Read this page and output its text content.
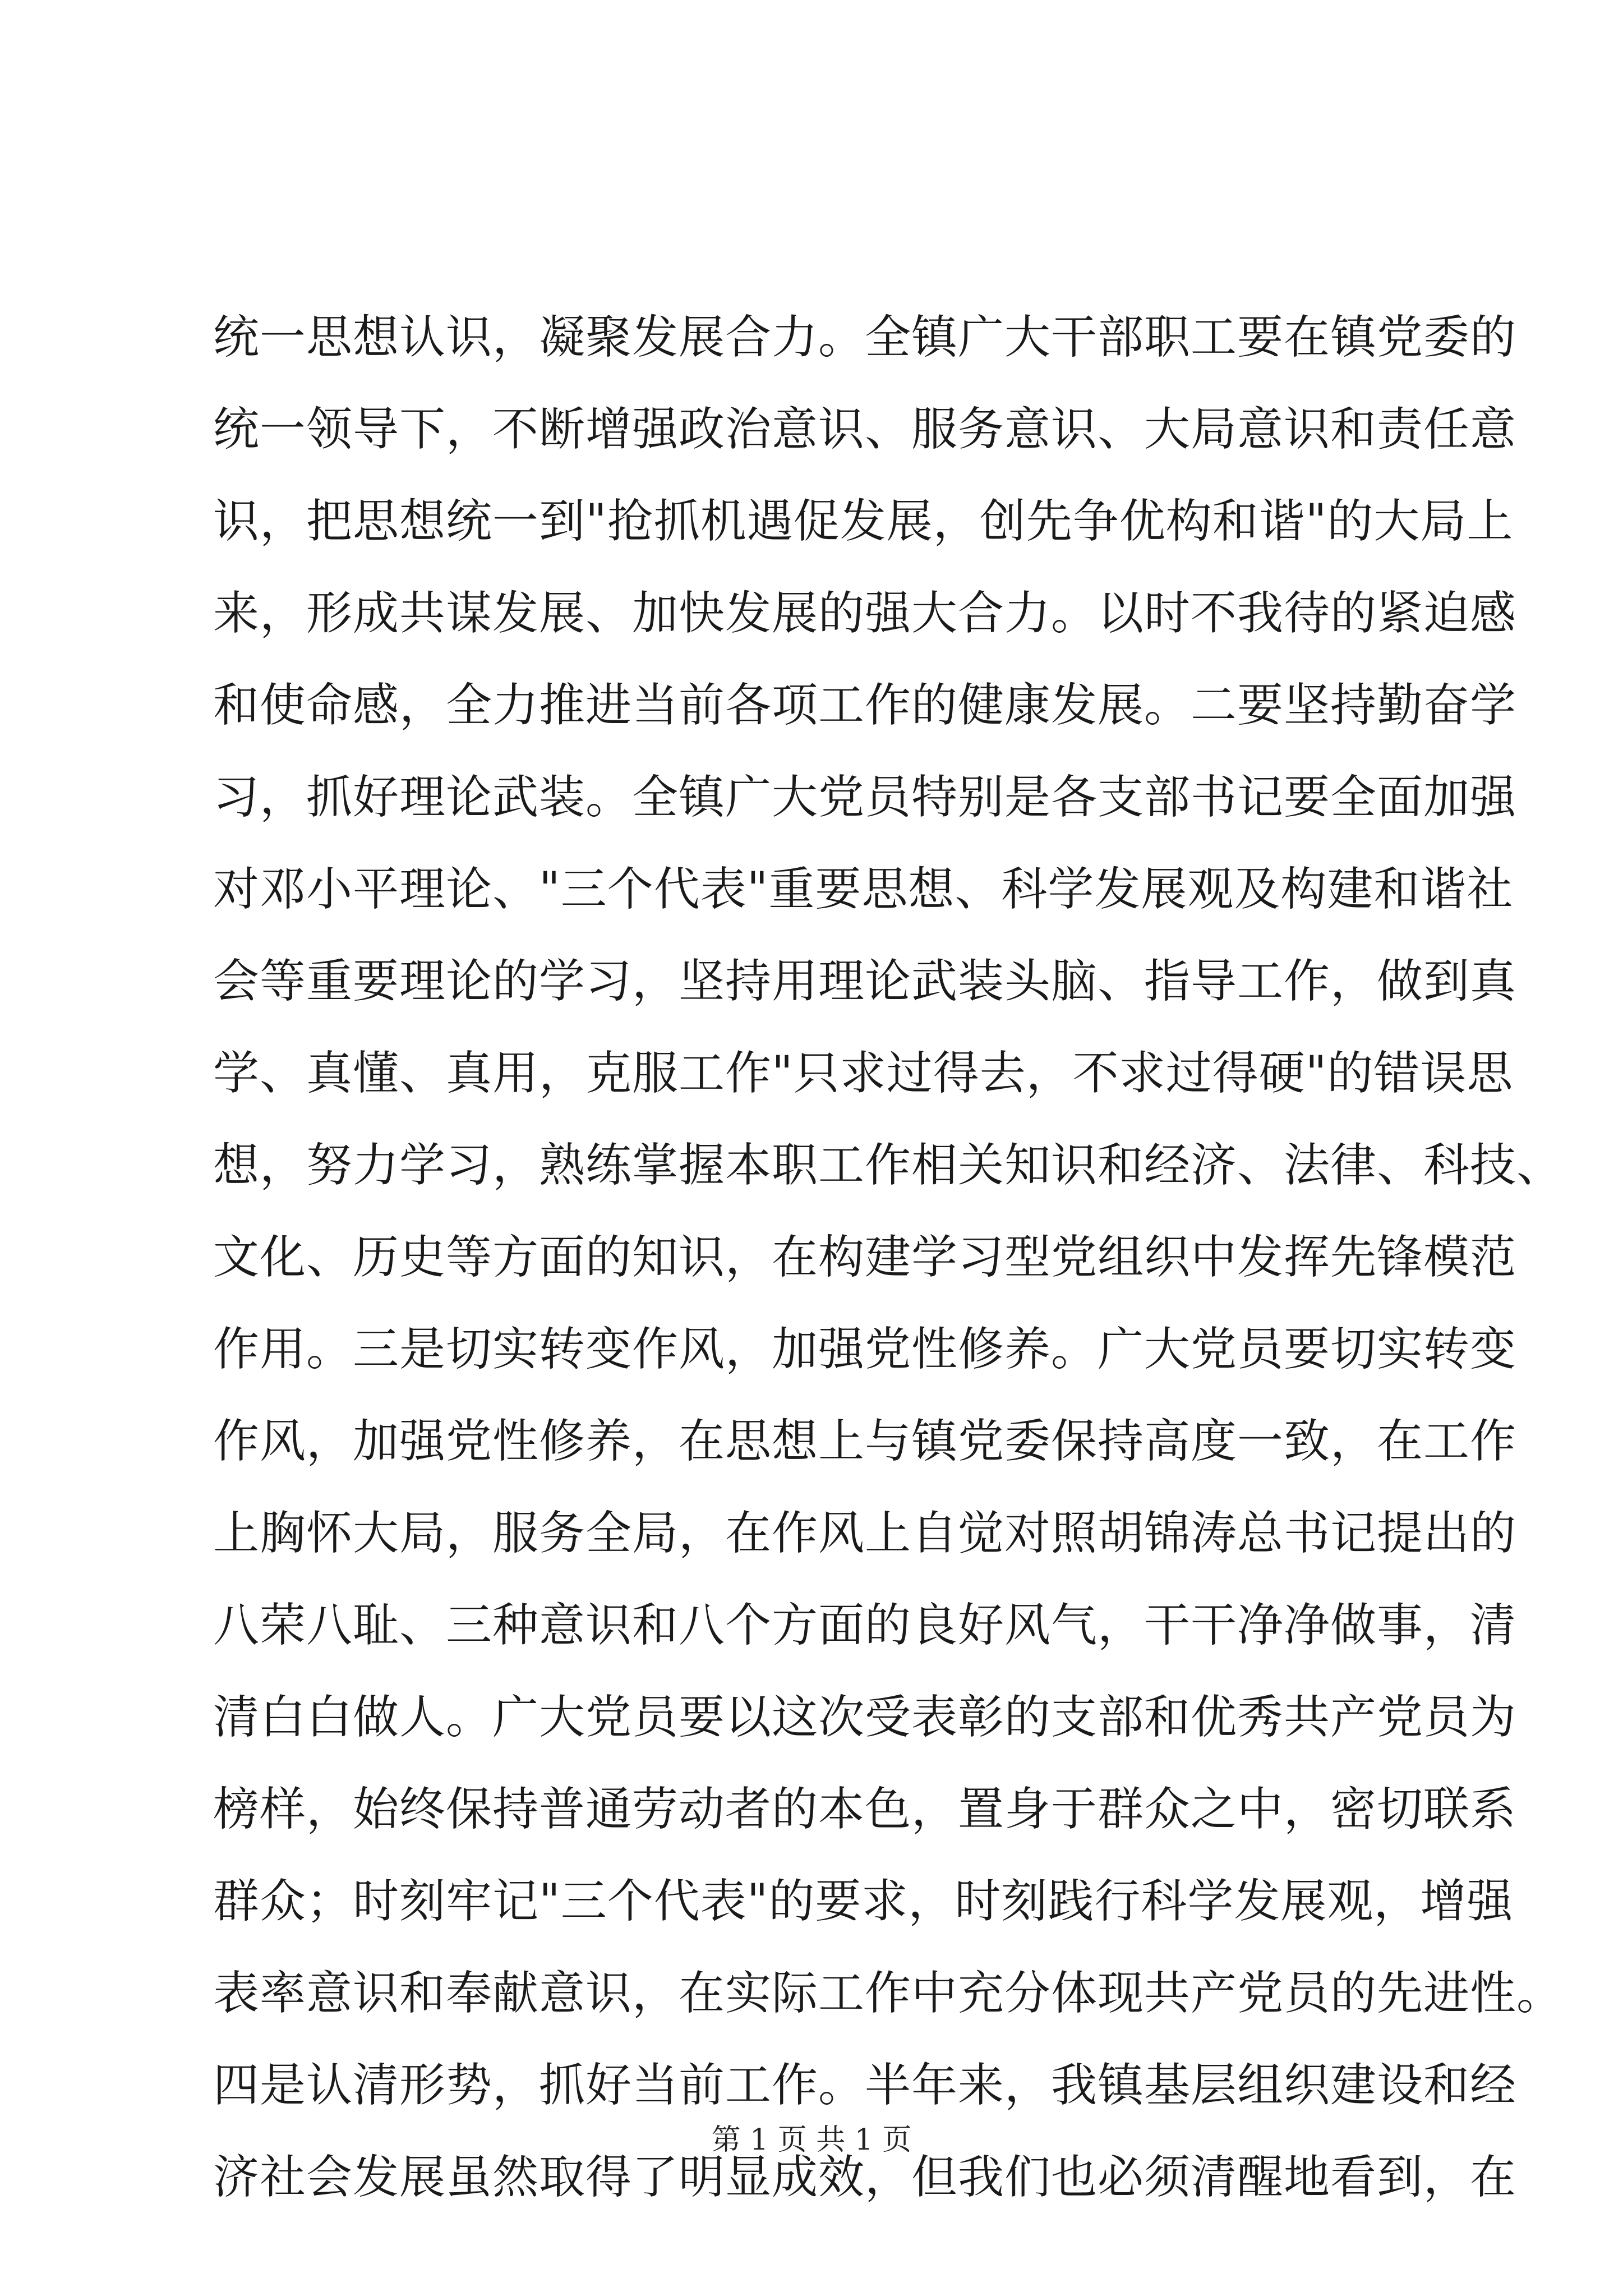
统一思想认识，凝聚发展合力。全镇广大干部职工要在镇党委的
统一领导下，不断增强政治意识、服务意识、大局意识和责任意
识，把思想统一到"抢抓机遇促发展，创先争优构和谐"的大局上
来，形成共谋发展、加快发展的强大合力。以时不我待的紧迫感
和使命感，全力推进当前各项工作的健康发展。二要坚持勤奋学
习，抓好理论武装。全镇广大党员特别是各支部书记要全面加强
对邓小平理论、"三个代表"重要思想、科学发展观及构建和谐社
会等重要理论的学习，坚持用理论武装头脑、指导工作，做到真
学、真懂、真用，克服工作"只求过得去，不求过得硬"的错误思
想，努力学习，熟练掌握本职工作相关知识和经济、法律、科技、
文化、历史等方面的知识，在构建学习型党组织中发挥先锋模范
作用。三是切实转变作风，加强党性修养。广大党员要切实转变
作风，加强党性修养，在思想上与镇党委保持高度一致，在工作
上胸怀大局，服务全局，在作风上自觉对照胡锦涛总书记提出的
八荣八耻、三种意识和八个方面的良好风气，干干净净做事，清
清白白做人。广大党员要以这次受表彰的支部和优秀共产党员为
榜样，始终保持普通劳动者的本色，置身于群众之中，密切联系
群众；时刻牢记"三个代表"的要求，时刻践行科学发展观，增强
表率意识和奉献意识，在实际工作中充分体现共产党员的先进性。
四是认清形势，抓好当前工作。半年来，我镇基层组织建设和经
济社会发展虽然取得了明显成效，但我们也必须清醒地看到，在
第 1 页 共 1 页
